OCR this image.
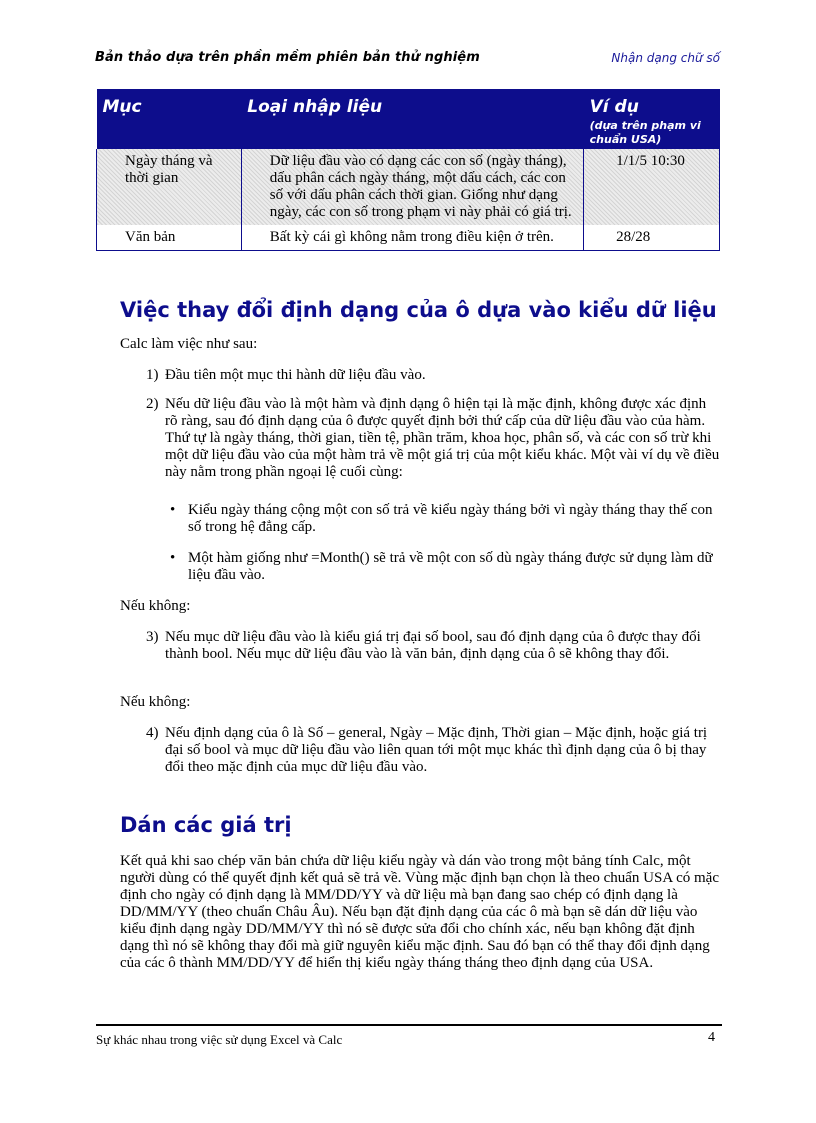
Bản thảo dựa trên phần mềm phiên bản thử nghiệm	Nhận dạng chữ số
Mục	Loại nhập liệu	Ví dụ
(dựa trên phạm vi chuẩn USA)

Ngày tháng và thời gian	Dữ liệu đầu vào có dạng các con số (ngày tháng), dấu phân cách ngày tháng, một dấu cách, các con số với dấu phân cách thời gian. Giống như dạng ngày, các con số trong phạm vi này phải có giá trị.	1/1/5 10:30
Văn bản	Bất kỳ cái gì không nằm trong điều kiện ở trên.	28/28
Việc thay đổi định dạng của ô dựa vào kiểu dữ liệu

Calc làm việc như sau:

1) Đầu tiên một mục thi hành dữ liệu đầu vào.
2) Nếu dữ liệu đầu vào là một hàm và định dạng ô hiện tại là mặc định, không được xác định rõ ràng, sau đó định dạng của ô được quyết định bởi thứ cấp của dữ liệu đầu vào của hàm. Thứ tự là ngày tháng, thời gian, tiền tệ, phần trăm, khoa học, phân số, và các con số trừ khi một dữ liệu đầu vào của một hàm trả về một giá trị của một kiểu khác. Một vài ví dụ về điều này nằm trong phần ngoại lệ cuối cùng:
• Kiểu ngày tháng cộng một con số trả về kiểu ngày tháng bởi vì ngày tháng thay thế con số trong hệ đẳng cấp.
• Một hàm giống như =Month() sẽ trả về một con số dù ngày tháng được sử dụng làm dữ liệu đầu vào.

Nếu không:

3) Nếu mục dữ liệu đầu vào là kiểu giá trị đại số bool, sau đó định dạng của ô được thay đổi thành bool. Nếu mục dữ liệu đầu vào là văn bản, định dạng của ô sẽ không thay đổi.

Nếu không:

4) Nếu định dạng của ô là Số – general, Ngày – Mặc định, Thời gian – Mặc định, hoặc giá trị đại số bool và mục dữ liệu đầu vào liên quan tới một mục khác thì định dạng của ô bị thay đổi theo mặc định của mục dữ liệu đầu vào.
Dán các giá trị

Kết quả khi sao chép văn bản chứa dữ liệu kiểu ngày và dán vào trong một bảng tính Calc, một người dùng có thể quyết định kết quả sẽ trả về. Vùng mặc định bạn chọn là theo chuẩn USA có mặc định cho ngày có định dạng là MM/DD/YY và dữ liệu mà bạn đang sao chép có định dạng là DD/MM/YY (theo chuẩn Châu Âu). Nếu bạn đặt định dạng của các ô mà bạn sẽ dán dữ liệu vào kiểu định dạng ngày DD/MM/YY thì nó sẽ được sửa đổi cho chính xác, nếu bạn không đặt định dạng thì nó sẽ không thay đổi mà giữ nguyên kiểu mặc định. Sau đó bạn có thể thay đổi định dạng của các ô thành MM/DD/YY để hiển thị kiểu ngày tháng tháng theo định dạng của USA.

Sự khác nhau trong việc sử dụng Excel và Calc	4
